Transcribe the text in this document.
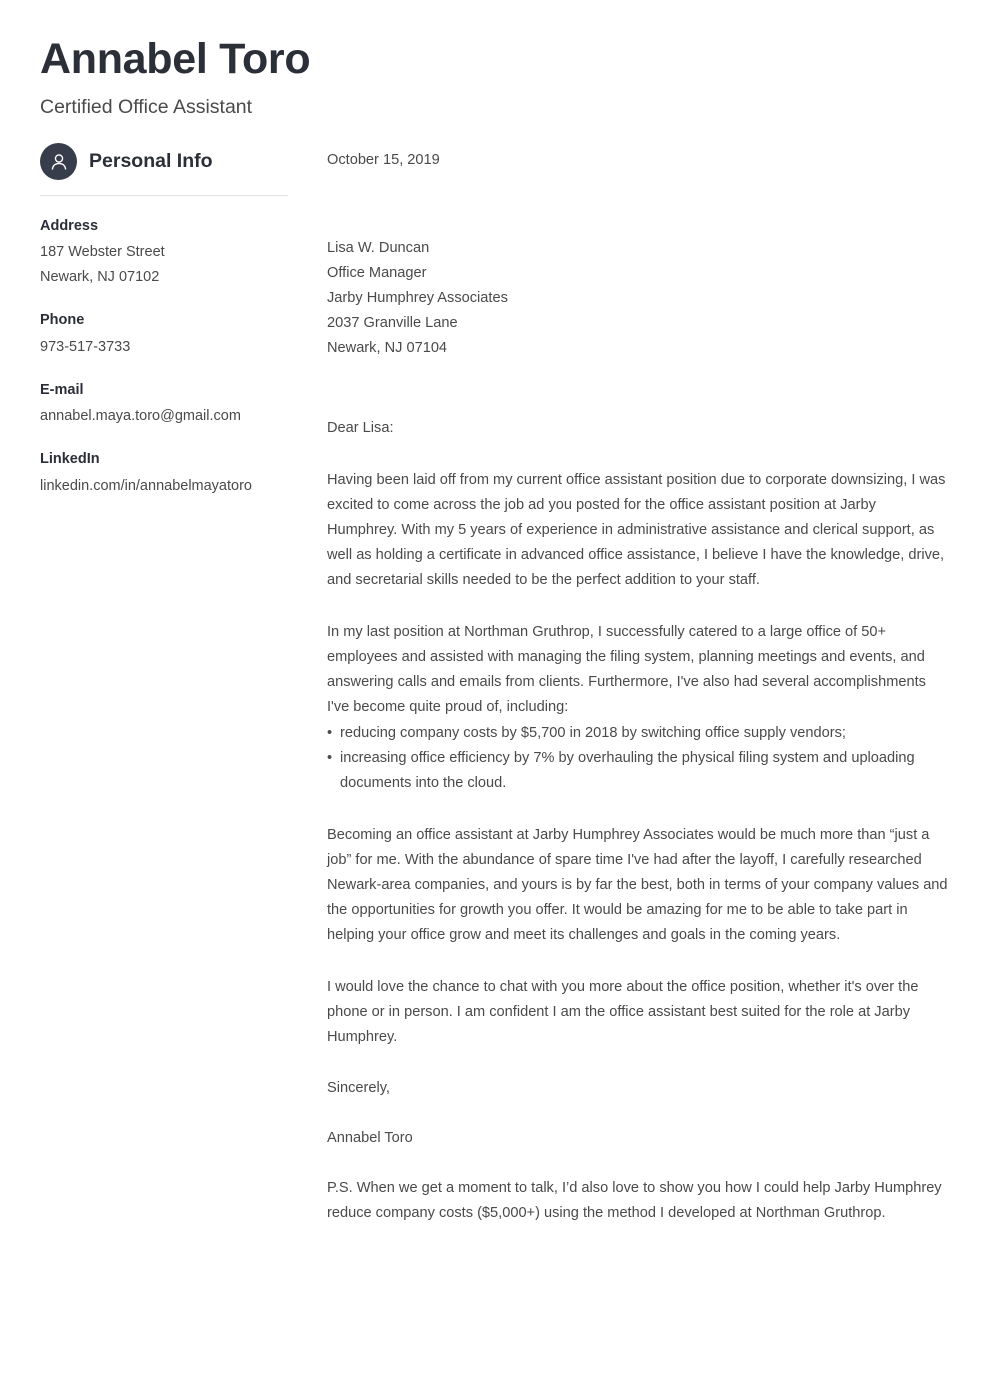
Annabel Toro
Certified Office Assistant
Personal Info
Address
187 Webster Street
Newark, NJ 07102
Phone
973-517-3733
E-mail
annabel.maya.toro@gmail.com
LinkedIn
linkedin.com/in/annabelmayatoro

October 15, 2019

Lisa W. Duncan
Office Manager
Jarby Humphrey Associates
2037 Granville Lane
Newark, NJ 07104

Dear Lisa:

Having been laid off from my current office assistant position due to corporate downsizing, I was excited to come across the job ad you posted for the office assistant position at Jarby Humphrey. With my 5 years of experience in administrative assistance and clerical support, as well as holding a certificate in advanced office assistance, I believe I have the knowledge, drive, and secretarial skills needed to be the perfect addition to your staff.

In my last position at Northman Gruthrop, I successfully catered to a large office of 50+ employees and assisted with managing the filing system, planning meetings and events, and answering calls and emails from clients. Furthermore, I've also had several accomplishments I've become quite proud of, including:

• reducing company costs by $5,700 in 2018 by switching office supply vendors;
• increasing office efficiency by 7% by overhauling the physical filing system and uploading documents into the cloud.

Becoming an office assistant at Jarby Humphrey Associates would be much more than “just a job” for me. With the abundance of spare time I've had after the layoff, I carefully researched Newark-area companies, and yours is by far the best, both in terms of your company values and the opportunities for growth you offer. It would be amazing for me to be able to take part in helping your office grow and meet its challenges and goals in the coming years.

I would love the chance to chat with you more about the office position, whether it's over the phone or in person. I am confident I am the office assistant best suited for the role at Jarby Humphrey.

Sincerely,

Annabel Toro

P.S. When we get a moment to talk, I’d also love to show you how I could help Jarby Humphrey reduce company costs ($5,000+) using the method I developed at Northman Gruthrop.
